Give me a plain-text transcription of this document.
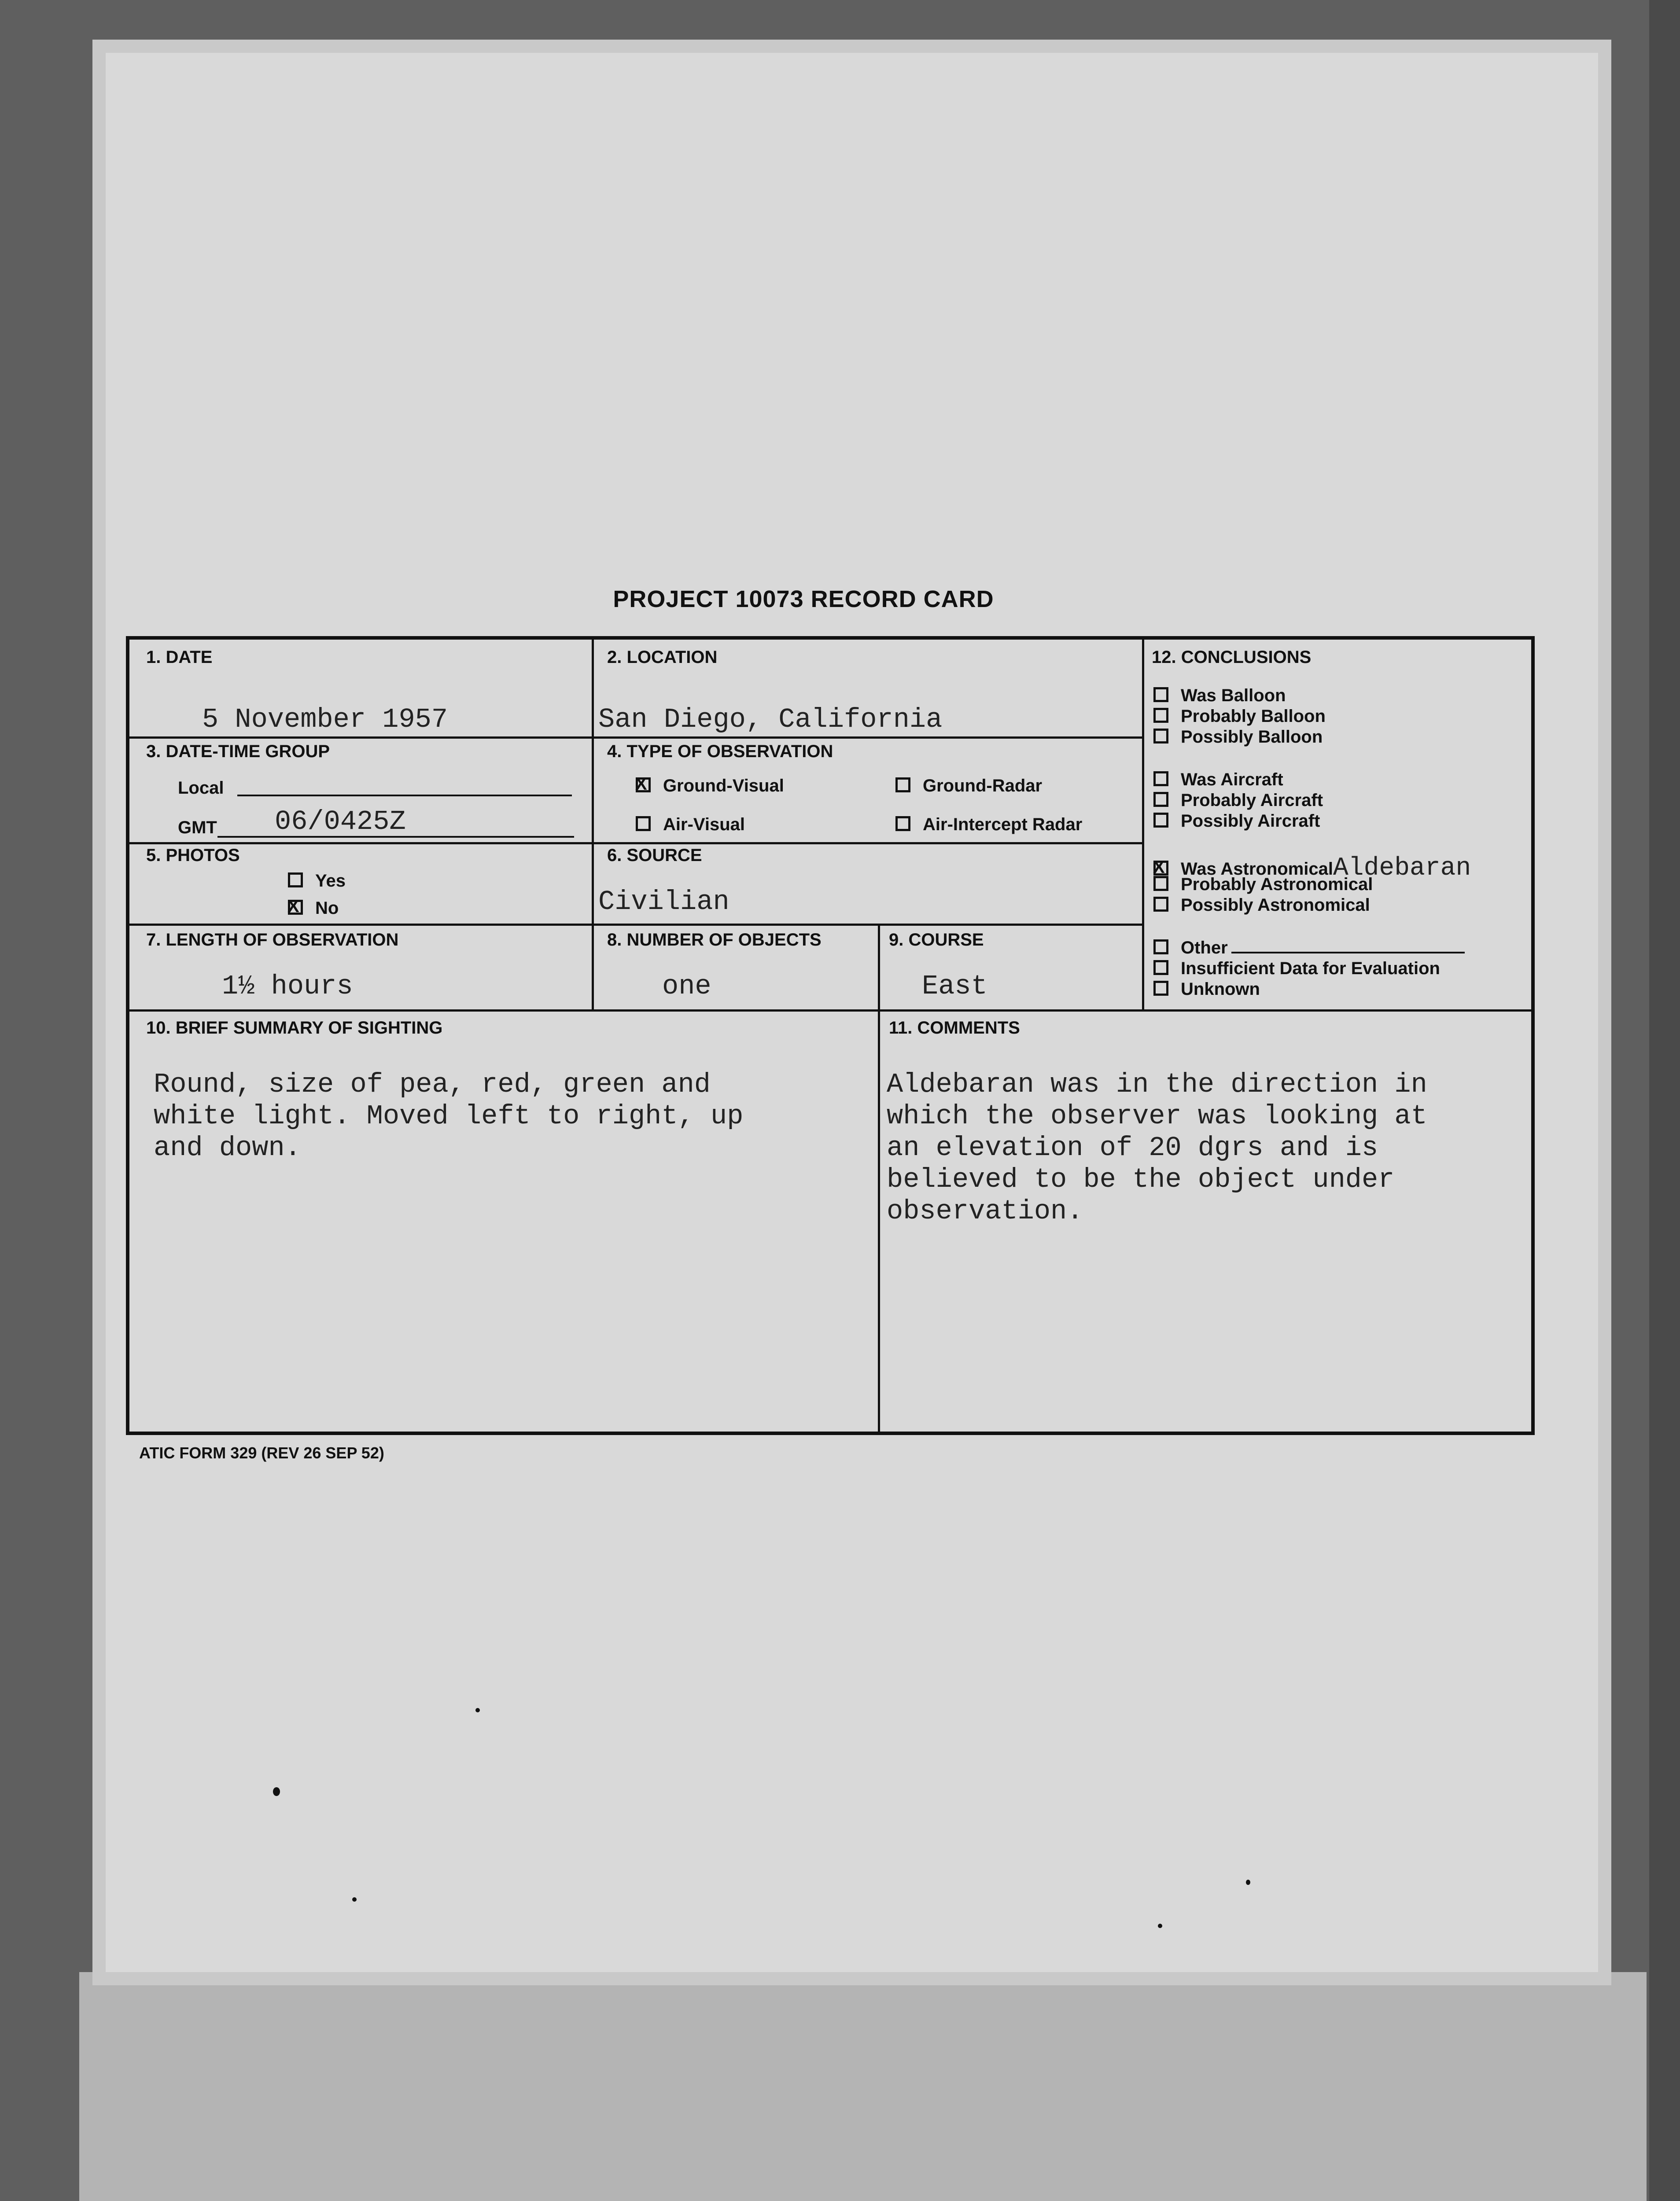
PROJECT 10073 RECORD CARD
1. DATE
5 November 1957
2. LOCATION
San Diego, California
3. DATE-TIME GROUP
Local
GMT 06/0425Z
4. TYPE OF OBSERVATION
XGround-Visual	Ground-Radar
Air-Visual	Air-Intercept Radar
5. PHOTOS
Yes
XNo
6. SOURCE
Civilian
7. LENGTH OF OBSERVATION
1½ hours
8. NUMBER OF OBJECTS
one
9. COURSE
East
10. BRIEF SUMMARY OF SIGHTING
Round, size of pea, red, green and
white light. Moved left to right, up
and down.
11. COMMENTS
Aldebaran was in the direction in
which the observer was looking at
an elevation of 20 dgrs and is
believed to be the object under
observation.
12. CONCLUSIONS
Was Balloon
Probably Balloon
Possibly Balloon
Was Aircraft
Probably Aircraft
Possibly Aircraft
XWas AstronomicalAldebaran
Probably Astronomical
Possibly Astronomical
Other
Insufficient Data for Evaluation
Unknown
ATIC FORM 329 (REV 26 SEP 52)
